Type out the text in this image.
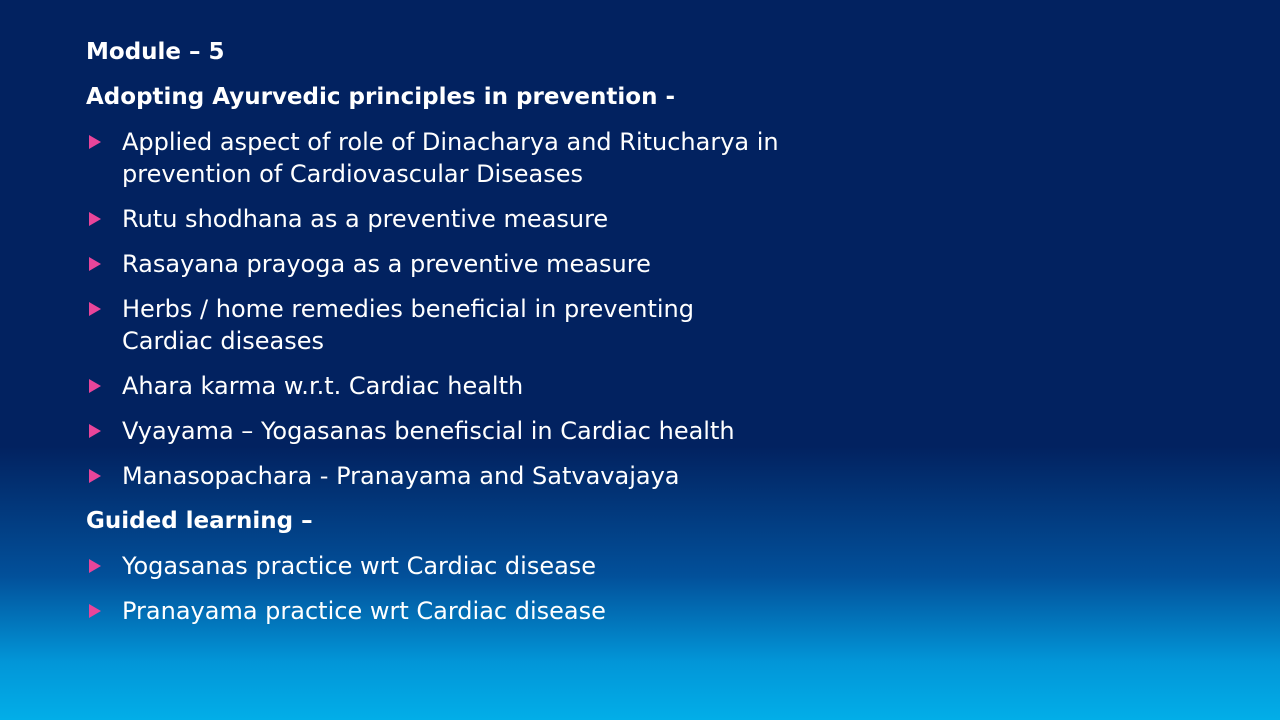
Module – 5
Adopting Ayurvedic principles in prevention -
Applied aspect of role of Dinacharya and Ritucharya in prevention of Cardiovascular Diseases
Rutu shodhana as a preventive measure
Rasayana prayoga as a preventive measure
Herbs / home remedies beneficial in preventing Cardiac diseases
Ahara karma w.r.t. Cardiac health
Vyayama – Yogasanas benefiscial in Cardiac health
Manasopachara - Pranayama and Satvavajaya
Guided learning –
Yogasanas practice wrt Cardiac disease
Pranayama practice wrt Cardiac disease
